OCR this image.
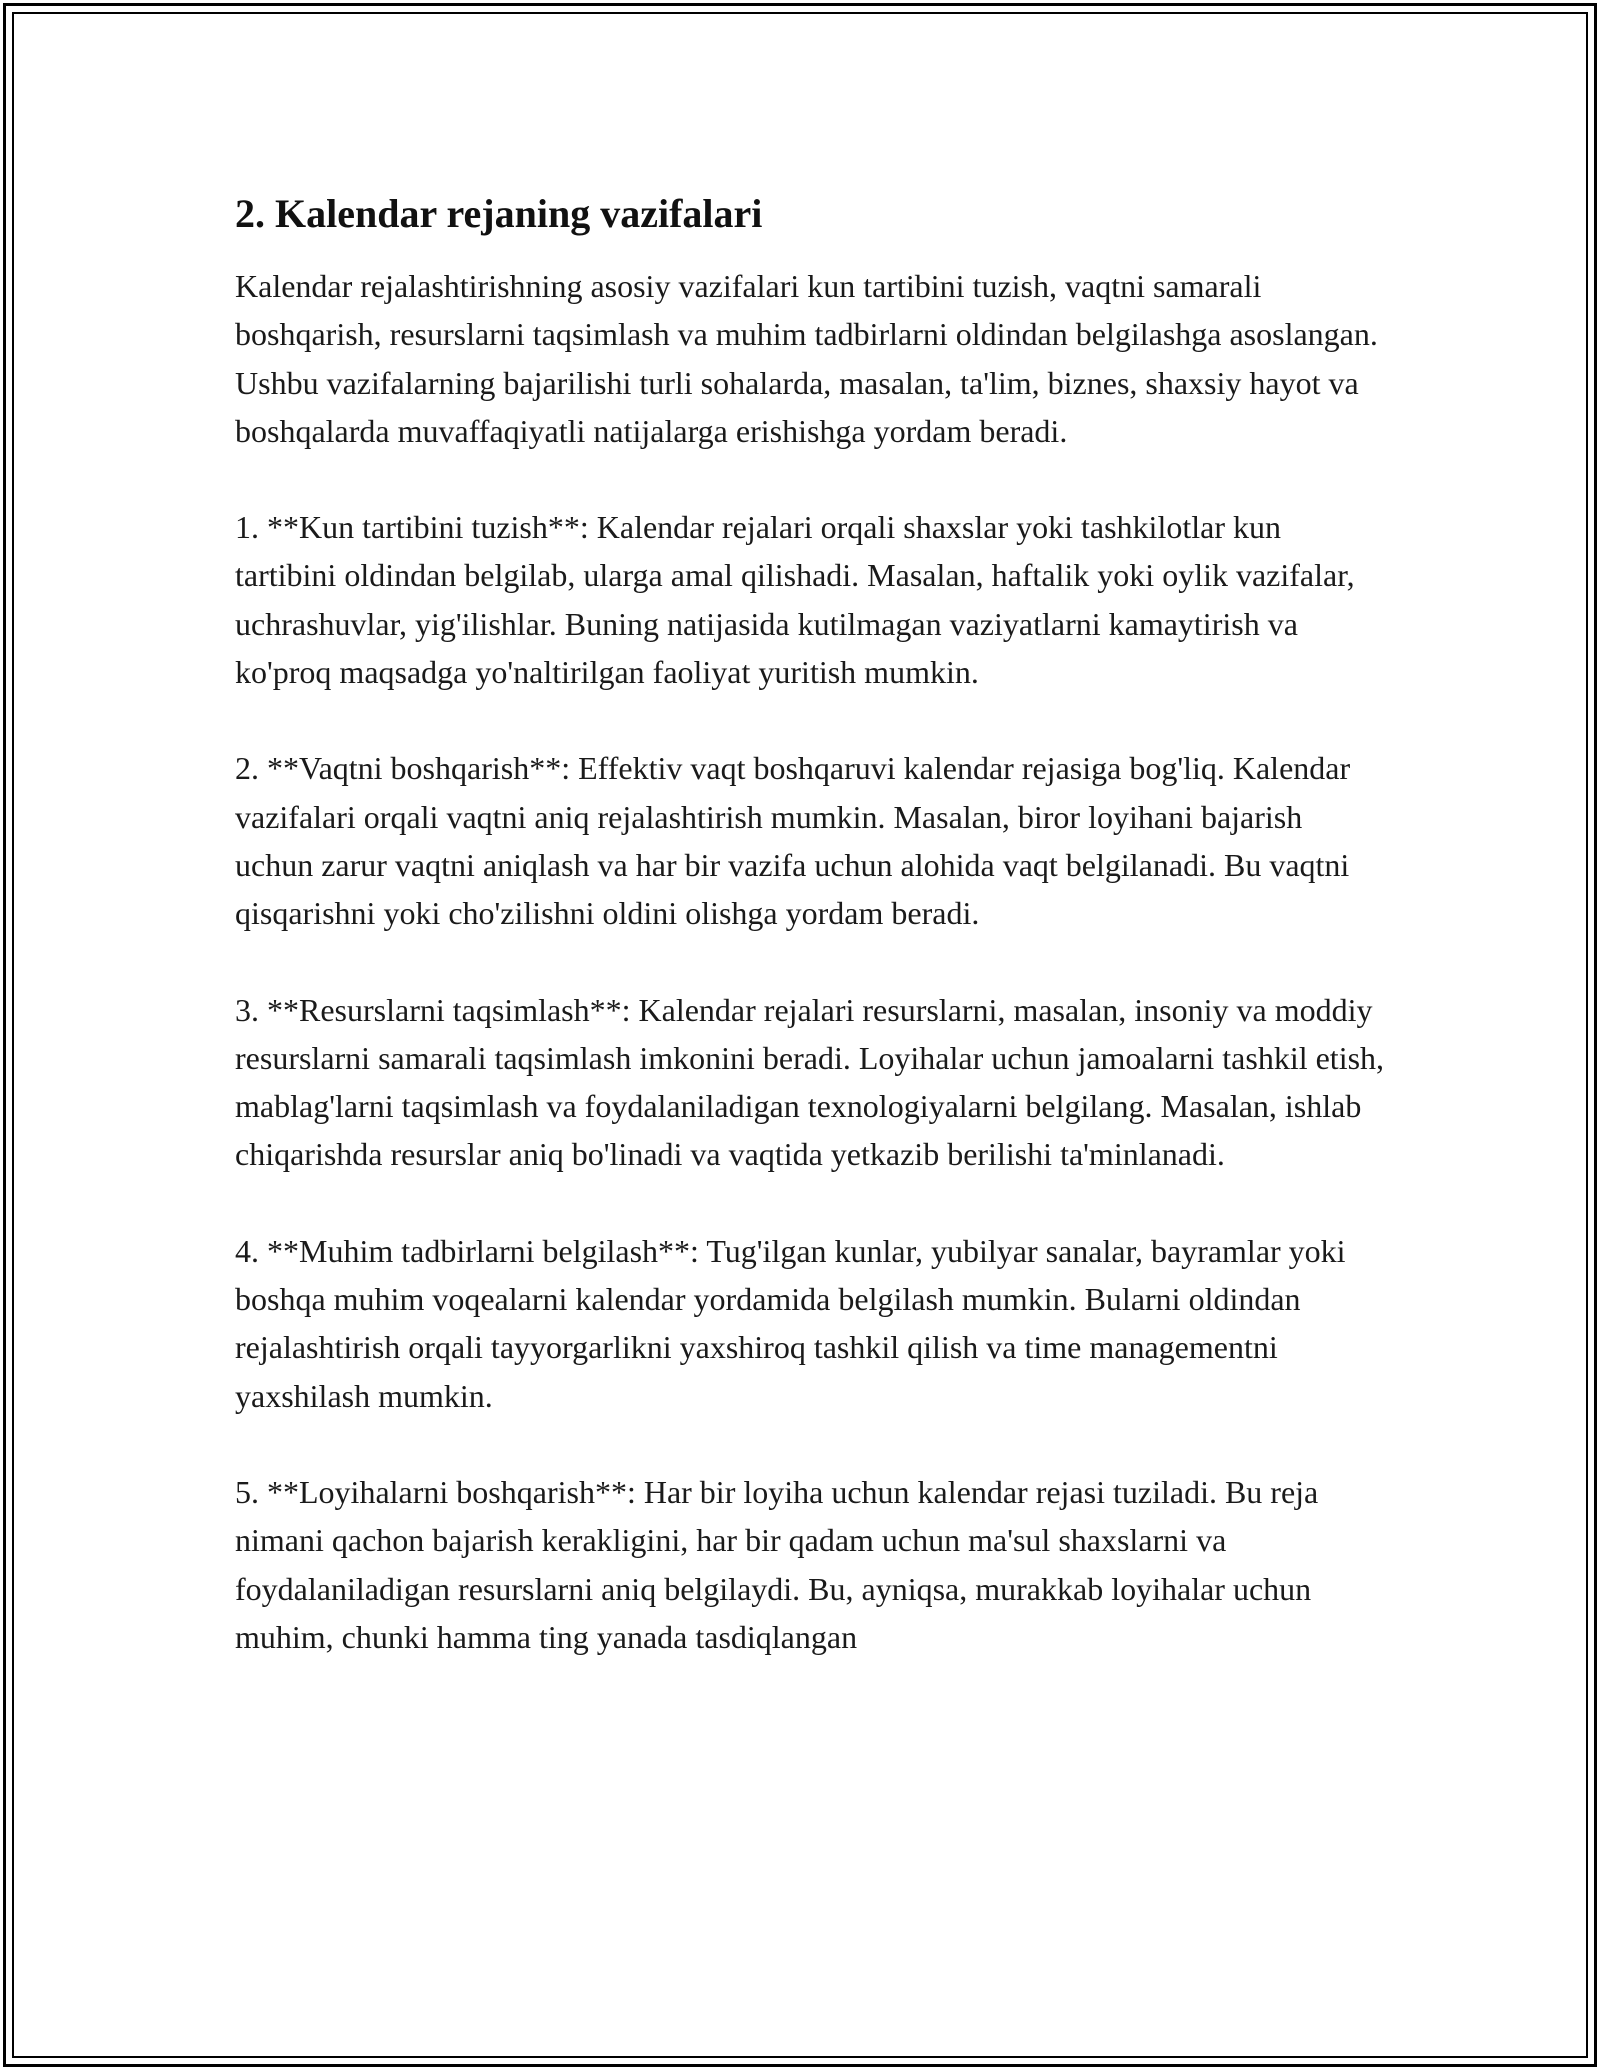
2. Kalendar rejaning vazifalari

Kalendar rejalashtirishning asosiy vazifalari kun tartibini tuzish, vaqtni samarali boshqarish, resurslarni taqsimlash va muhim tadbirlarni oldindan belgilashga asoslangan. Ushbu vazifalarning bajarilishi turli sohalarda, masalan, ta'lim, biznes, shaxsiy hayot va boshqalarda muvaffaqiyatli natijalarga erishishga yordam beradi.

1. **Kun tartibini tuzish**: Kalendar rejalari orqali shaxslar yoki tashkilotlar kun tartibini oldindan belgilab, ularga amal qilishadi. Masalan, haftalik yoki oylik vazifalar, uchrashuvlar, yig'ilishlar. Buning natijasida kutilmagan vaziyatlarni kamaytirish va ko'proq maqsadga yo'naltirilgan faoliyat yuritish mumkin.

2. **Vaqtni boshqarish**: Effektiv vaqt boshqaruvi kalendar rejasiga bog'liq. Kalendar vazifalari orqali vaqtni aniq rejalashtirish mumkin. Masalan, biror loyihani bajarish uchun zarur vaqtni aniqlash va har bir vazifa uchun alohida vaqt belgilanadi. Bu vaqtni qisqarishni yoki cho'zilishni oldini olishga yordam beradi.

3. **Resurslarni taqsimlash**: Kalendar rejalari resurslarni, masalan, insoniy va moddiy resurslarni samarali taqsimlash imkonini beradi. Loyihalar uchun jamoalarni tashkil etish, mablag'larni taqsimlash va foydalaniladigan texnologiyalarni belgilang. Masalan, ishlab chiqarishda resurslar aniq bo'linadi va vaqtida yetkazib berilishi ta'minlanadi.

4. **Muhim tadbirlarni belgilash**: Tug'ilgan kunlar, yubilyar sanalar, bayramlar yoki boshqa muhim voqealarni kalendar yordamida belgilash mumkin. Bularni oldindan rejalashtirish orqali tayyorgarlikni yaxshiroq tashkil qilish va time managementni yaxshilash mumkin.

5. **Loyihalarni boshqarish**: Har bir loyiha uchun kalendar rejasi tuziladi. Bu reja nimani qachon bajarish kerakligini, har bir qadam uchun ma'sul shaxslarni va foydalaniladigan resurslarni aniq belgilaydi. Bu, ayniqsa, murakkab loyihalar uchun muhim, chunki hamma ting yanada tasdiqlangan
